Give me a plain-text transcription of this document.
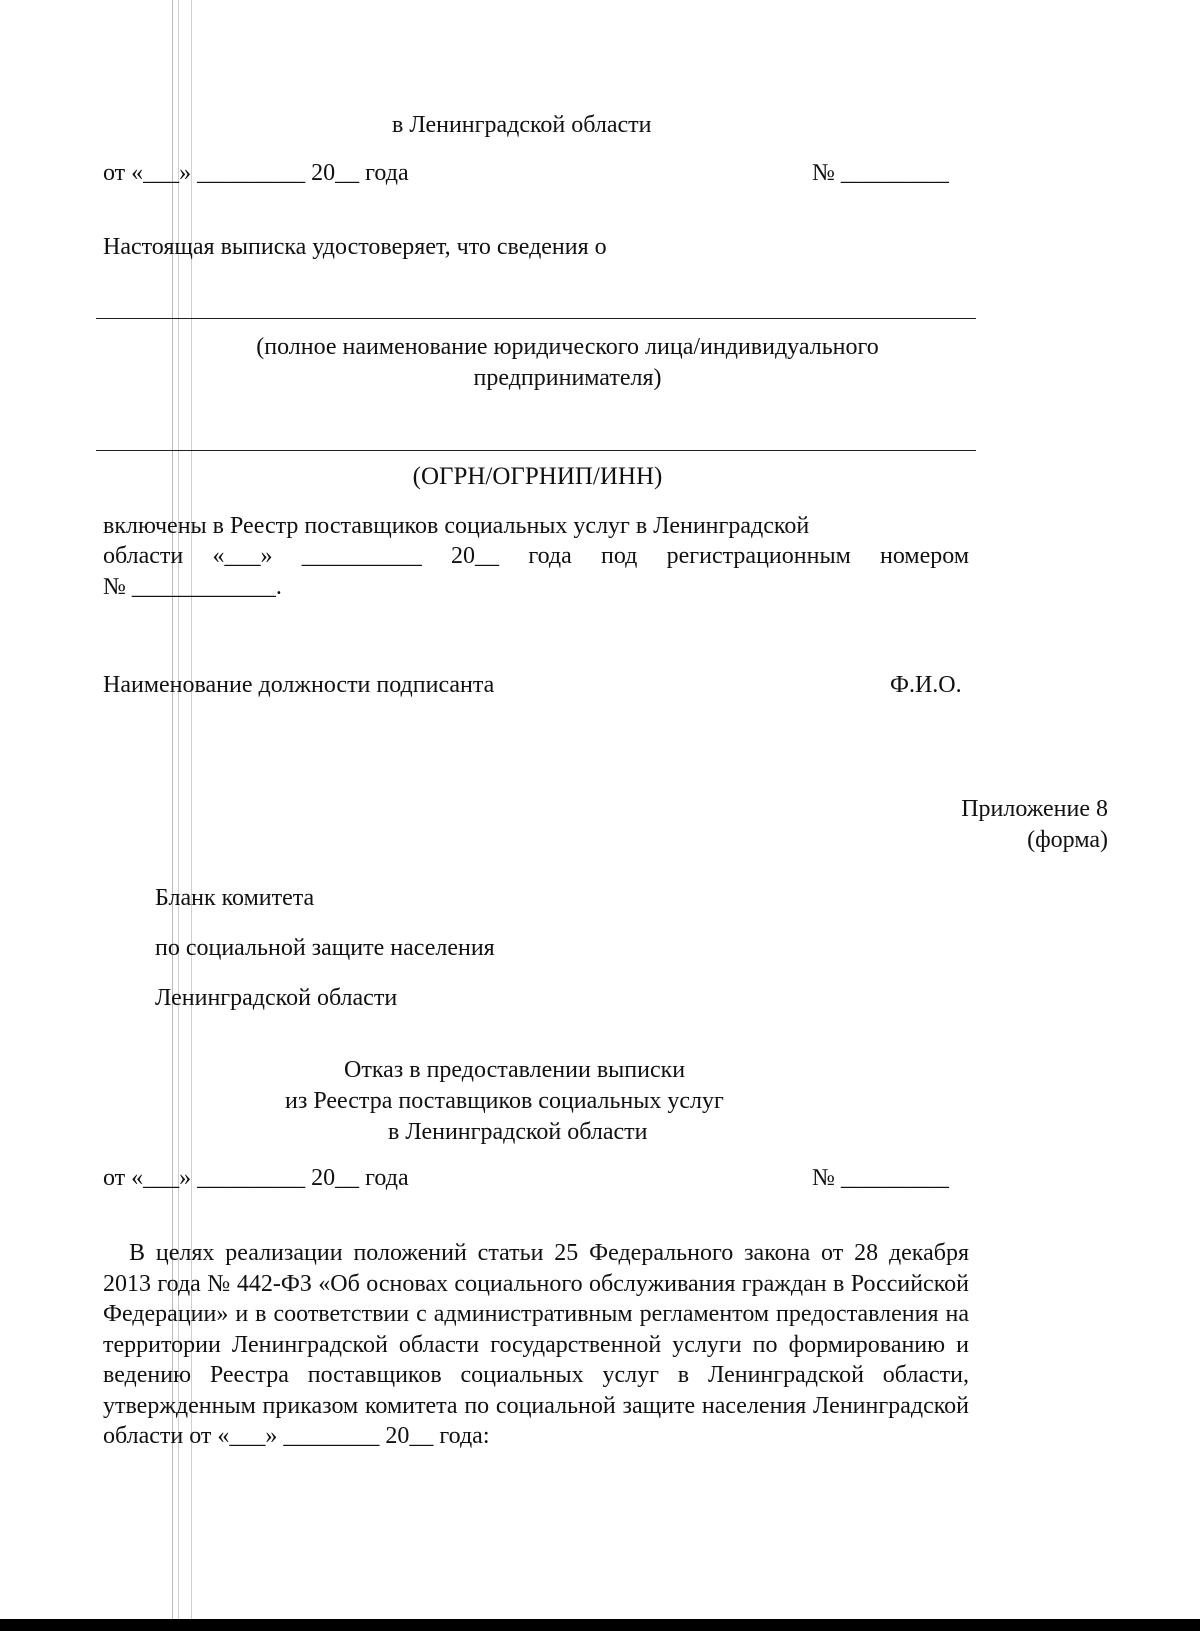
в Ленинградской области
от «___» _________ 20__ года	№ _________
Настоящая выписка удостоверяет, что сведения о
(полное наименование юридического лица/индивидуального
предпринимателя)
(ОГРН/ОГРНИП/ИНН)
включены в Реестр поставщиков социальных услуг в Ленинградской
области «___» __________ 20__ года под регистрационным номером
№ ____________.
Наименование должности подписанта	Ф.И.О.
Приложение 8
(форма)
Бланк комитета
по социальной защите населения
Ленинградской области
Отказ в предоставлении выписки
из Реестра поставщиков социальных услуг
в Ленинградской области
от «___» _________ 20__ года	№ _________
В целях реализации положений статьи 25 Федерального закона от 28 декабря 2013 года № 442-ФЗ «Об основах социального обслуживания граждан в Российской Федерации» и в соответствии с административным регламентом предоставления на территории Ленинградской области государственной услуги по формированию и ведению Реестра поставщиков социальных услуг в Ленинградской области, утвержденным приказом комитета по социальной защите населения Ленинградской области от «___» ________ 20__ года:
